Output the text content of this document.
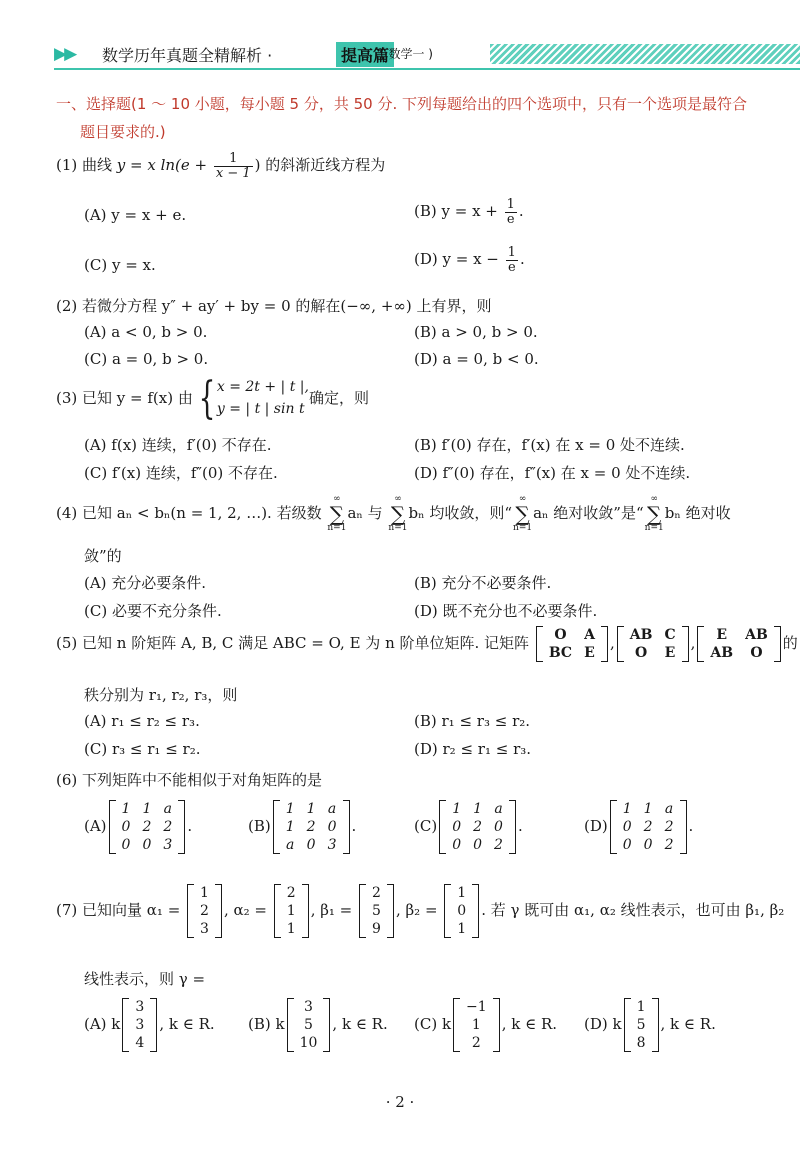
▶▶ 数学历年真题全精解析 ·	提高篇
( 数学一 )
一、选择题(1 ～ 10 小题，每小题 5 分，共 50 分. 下列每题给出的四个选项中，只有一个选项是最符合
题目要求的.)
(1) 曲线 y = x $\ln(e + \frac{1}{x - 1}$ ) 的斜渐近线方程为
(A) y = x + e.	(B) $y = x + \frac{1}{e}$ .
(C) y = x.	(D) $y = x - \frac{1}{e}$ .
(2) 若微分方程 y″ + ay′ + by = 0 的解在(−∞, +∞) 上有界，则
(A) a < 0, b > 0.	(B) a > 0, b > 0.
(C) a = 0, b > 0.	(D) a = 0, b < 0.
(3) 已知 y = f(x) 由 { x = 2t + | t |,
y = | t | sin t
确定，则
(A) f(x) 连续，f′(0) 不存在.	(B) f′(0) 存在，f′(x) 在 x = 0 处不连续.
(C) f′(x) 连续，f″(0) 不存在.	(D) f″(0) 存在，f″(x) 在 x = 0 处不连续.
(4) 已知 aₙ < bₙ(n = 1, 2, …). 若级数 ∞
∑
n=1aₙ 与 ∞
∑
n=1bₙ 均收敛，则“∞
∑
n=1aₙ 绝对收敛”是“∞
∑
n=1bₙ 绝对收
敛”的
(A) 充分必要条件.	(B) 充分不必要条件.
(C) 必要不充分条件.	(D) 既不充分也不必要条件.
(5) 已知 n 阶矩阵 A, B, C 满足 ABC = O, E 为 n 阶单位矩阵. 记矩阵 O	A
BC	E
, AB	C
O	E
, E	AB
AB	O
的
秩分别为 r₁, r₂, r₃，则
(A) r₁ ≤ r₂ ≤ r₃.	(B) r₁ ≤ r₃ ≤ r₂.
(C) r₃ ≤ r₁ ≤ r₂.	(D) r₂ ≤ r₁ ≤ r₃.
(6) 下列矩阵中不能相似于对角矩阵的是
(A)
1	1	a
0	2	2
0	0	3
.	(B)
1	1	a
1	2	0
a	0	3
.	(C)
1	1	a
0	2	0
0	0	2
.	(D)
1	1	a
0	2	2
0	0	2
.
(7) 已知向量 α₁ =
1
2
3
, α₂ =
2
1
1
, β₁ =
2
5
9
, β₂ =
1
0
1
. 若 γ 既可由 α₁, α₂ 线性表示，也可由 β₁, β₂
线性表示，则 γ =
(A) k
3
3
4
, k ∈ R. (B) k
3
5
10
, k ∈ R. (C) k
−1
1
2
, k ∈ R. (D) k
1
5
8
, k ∈ R.
· 2 ·
